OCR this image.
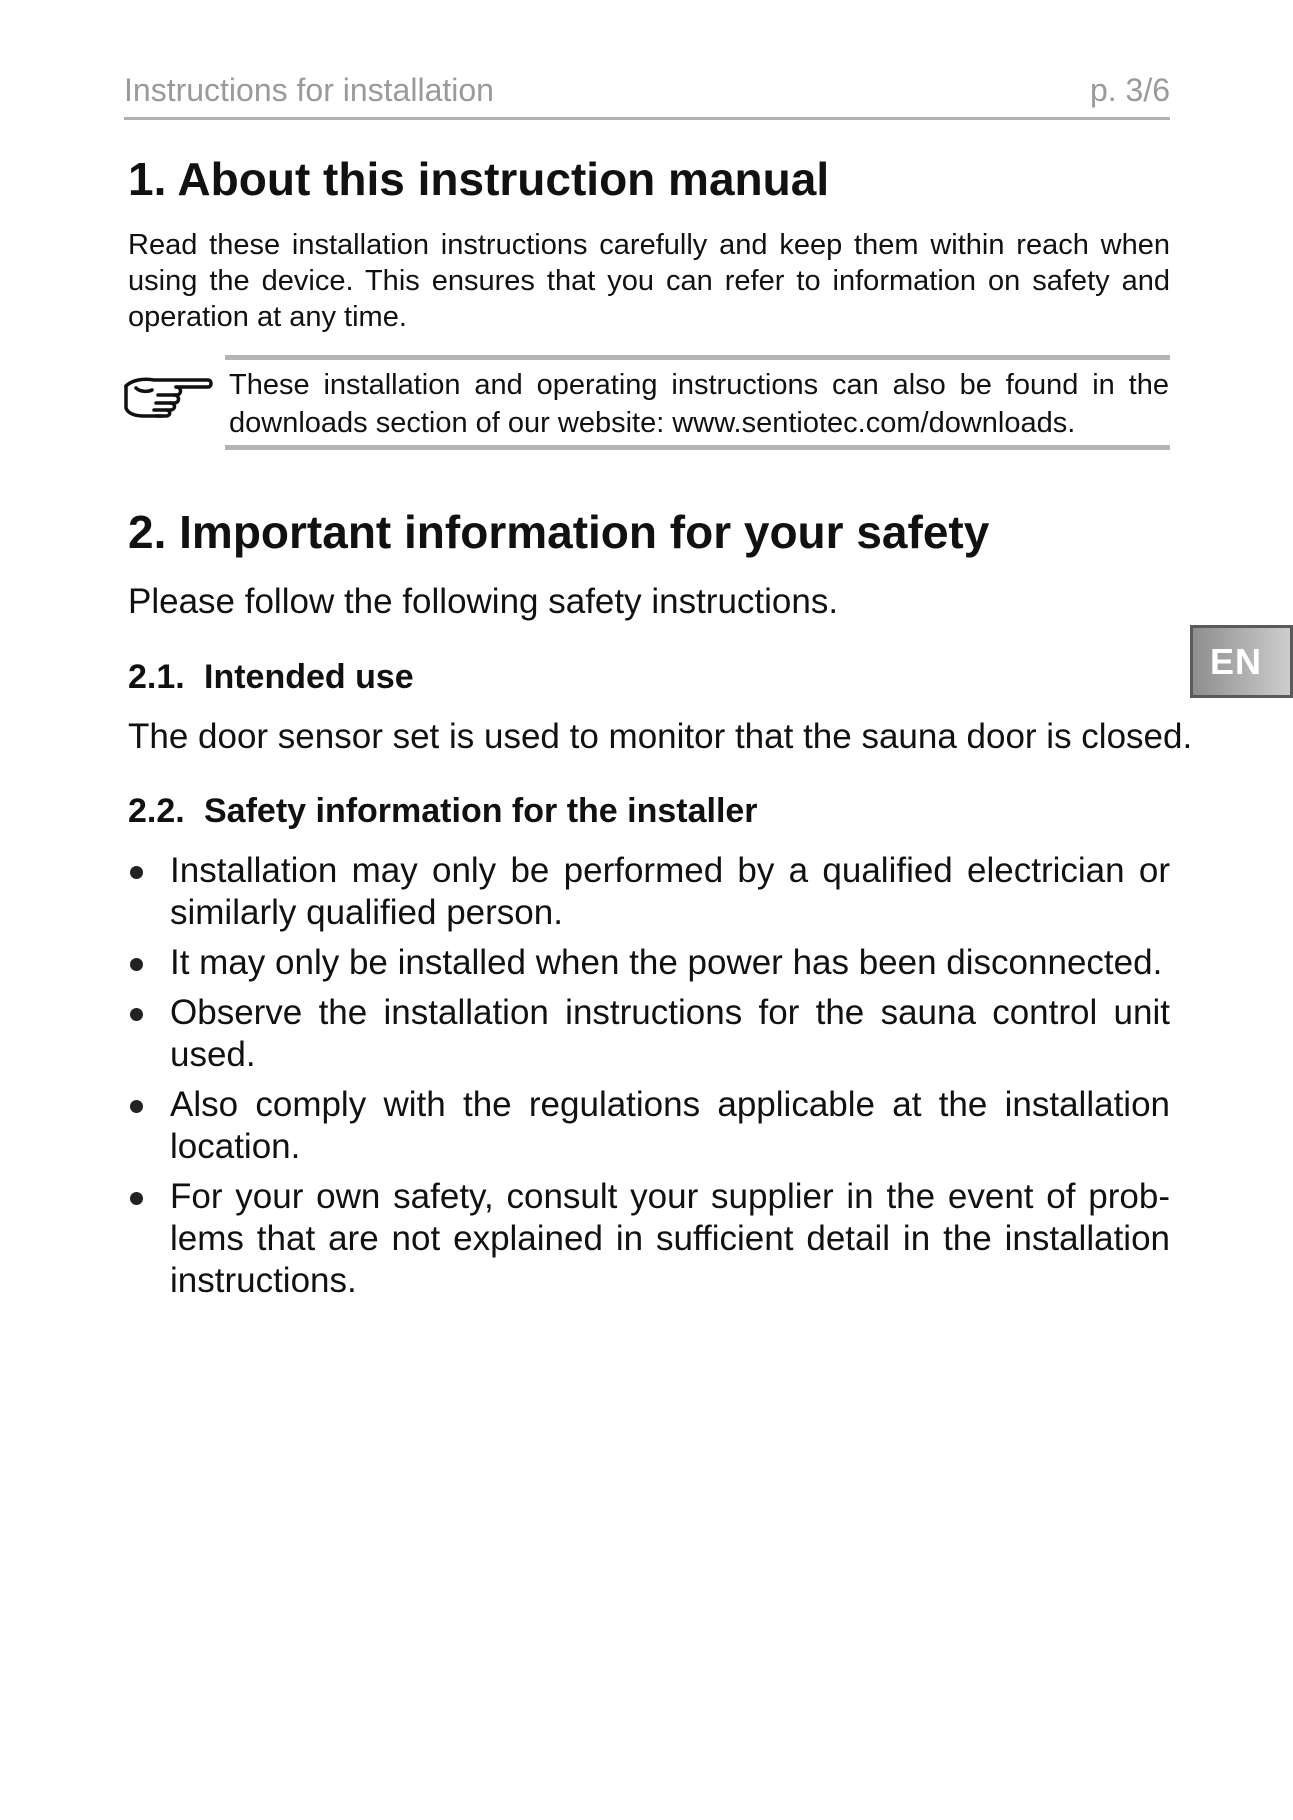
Instructions for installation	p. 3/6
1. About this instruction manual

Read these installation instructions carefully and keep them within reach when using the device. This ensures that you can refer to information on safety and operation at any time.

These installation and operating instructions can also be found in the downloads section of our website: www.sentiotec.com/downloads.

2. Important information for your safety

Please follow the following safety instructions.

2.1. Intended use

The door sensor set is used to monitor that the sauna door is closed.

2.2. Safety information for the installer
Installation may only be performed by a qualified electrician or similarly qualified person.
It may only be installed when the power has been disconnected.
Observe the installation instructions for the sauna control unit used.
Also comply with the regulations applicable at the installation location.
For your own safety, consult your supplier in the event of prob-lems that are not explained in sufficient detail in the installation instructions.
EN
